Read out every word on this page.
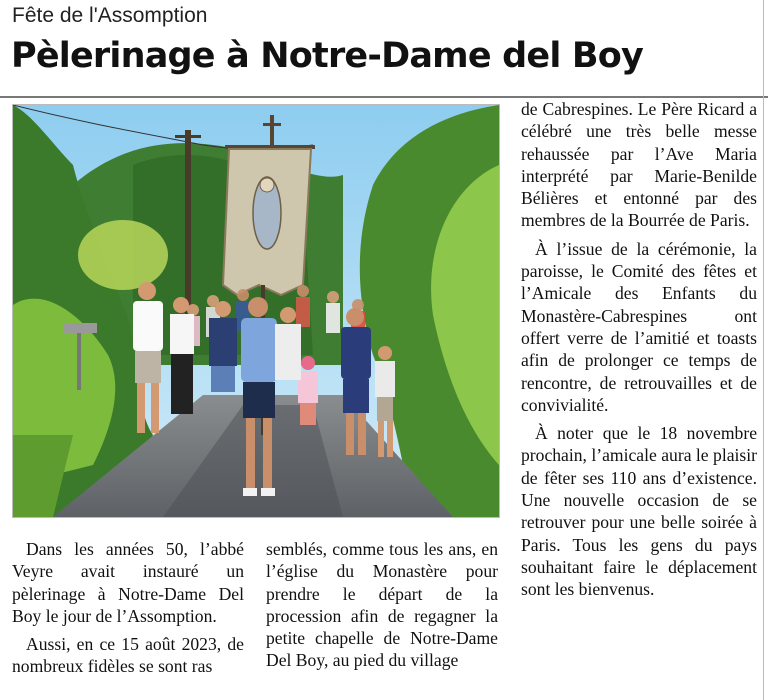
Fête de l'Assomption
Pèlerinage à Notre-Dame del Boy

Dans les années 50, l’abbé Veyre avait instauré un pèlerinage à Notre-Dame Del Boy le jour de l’Assomption.

Aussi, en ce 15 août 2023, de nombreux fidèles se sont ras

semblés, comme tous les ans, en l’église du Monastère pour prendre le départ de la procession afin de regagner la petite chapelle de Notre-Dame Del Boy, au pied du village

de Cabrespines. Le Père Ricard a célébré une très belle messe rehaussée par l’Ave Maria interprété par Marie-Benilde Bélières et entonné par des membres de la Bourrée de Paris.

À l’issue de la cérémonie, la paroisse, le Comité des fêtes et l’Amicale des Enfants du Monastère-Cabrespines ont offert verre de l’amitié et toasts afin de prolonger ce temps de rencontre, de retrouvailles et de convivialité.

À noter que le 18 novembre prochain, l’amicale aura le plaisir de fêter ses 110 ans d’existence. Une nouvelle occasion de se retrouver pour une belle soirée à Paris. Tous les gens du pays souhaitant faire le déplacement sont les bienvenus.
